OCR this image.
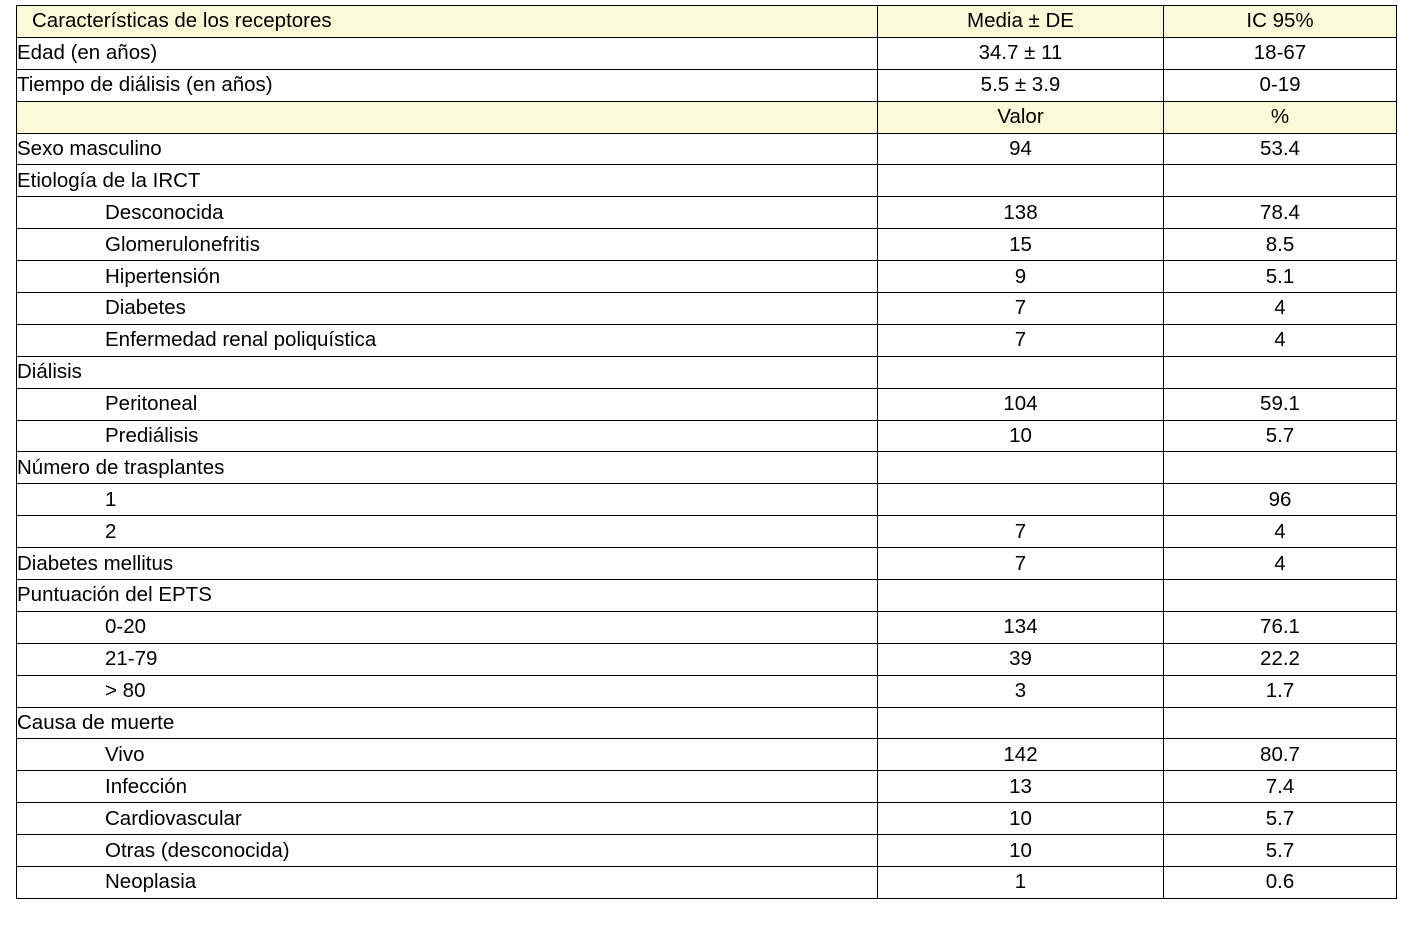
Características de los receptores	Media ± DE	IC 95%
Edad (en años)	34.7 ± 11	18-67
Tiempo de diálisis (en años)	5.5 ± 3.9	0-19
	Valor	%
Sexo masculino	94	53.4
Etiología de la IRCT		
Desconocida	138	78.4
Glomerulonefritis	15	8.5
Hipertensión	9	5.1
Diabetes	7	4
Enfermedad renal poliquística	7	4
Diálisis		
Peritoneal	104	59.1
Prediálisis	10	5.7
Número de trasplantes		
1		96
2	7	4
Diabetes mellitus	7	4
Puntuación del EPTS		
0-20	134	76.1
21-79	39	22.2
> 80	3	1.7
Causa de muerte		
Vivo	142	80.7
Infección	13	7.4
Cardiovascular	10	5.7
Otras (desconocida)	10	5.7
Neoplasia	1	0.6
